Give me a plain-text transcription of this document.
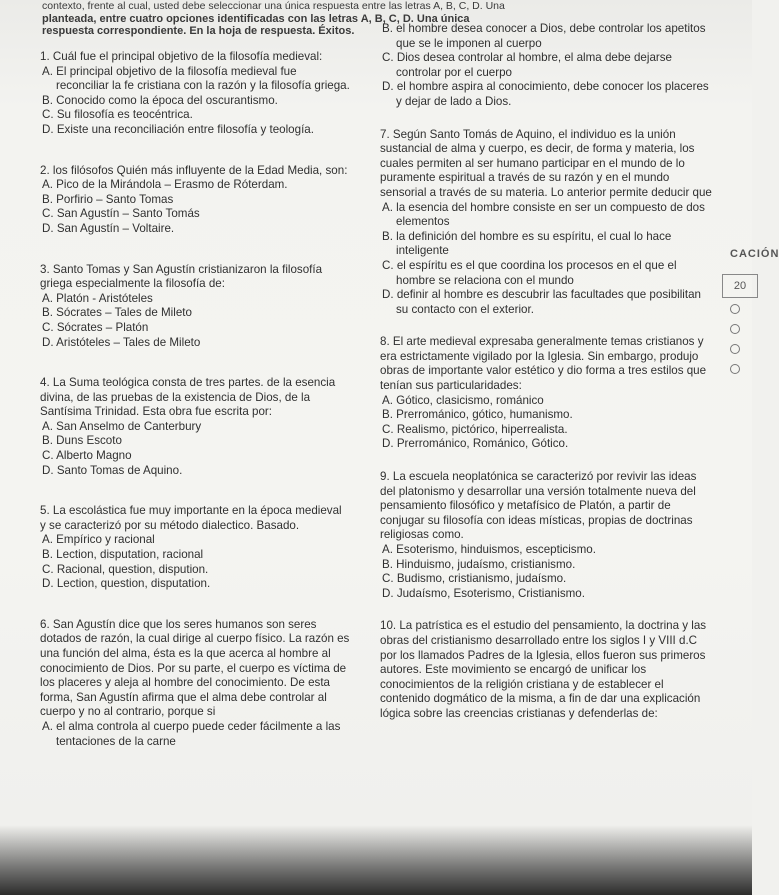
contexto, frente al cual, usted debe seleccionar una única respuesta entre las letras A, B, C, D. Una
planteada, entre cuatro opciones identificadas con las letras A, B, C, D. Una única
respuesta correspondiente. En la hoja de respuesta. Éxitos.

1. Cuál fue el principal objetivo de la filosofía medieval:

A. El principal objetivo de la filosofía medieval fue reconciliar la fe cristiana con la razón y la filosofía griega.

B. Conocido como la época del oscurantismo.

C. Su filosofía es teocéntrica.

D. Existe una reconciliación entre filosofía y teología.

2. los filósofos Quién más influyente de la Edad Media, son:

A. Pico de la Mirándola – Erasmo de Róterdam.

B. Porfirio – Santo Tomas

C. San Agustín – Santo Tomás

D. San Agustín – Voltaire.

3. Santo Tomas y San Agustín cristianizaron la filosofía griega especialmente la filosofía de:

A. Platón - Aristóteles

B. Sócrates – Tales de Mileto

C. Sócrates – Platón

D. Aristóteles – Tales de Mileto

4. La Suma teológica consta de tres partes. de la esencia divina, de las pruebas de la existencia de Dios, de la Santísima Trinidad. Esta obra fue escrita por:

A. San Anselmo de Canterbury

B. Duns Escoto

C. Alberto Magno

D. Santo Tomas de Aquino.

5. La escolástica fue muy importante en la época medieval y se caracterizó por su método dialectico. Basado.

A. Empírico y racional

B. Lection, disputation, racional

C. Racional, question, dispution.

D. Lection, question, disputation.

6. San Agustín dice que los seres humanos son seres dotados de razón, la cual dirige al cuerpo físico. La razón es una función del alma, ésta es la que acerca al hombre al conocimiento de Dios. Por su parte, el cuerpo es víctima de los placeres y aleja al hombre del conocimiento. De esta forma, San Agustín afirma que el alma debe controlar al cuerpo y no al contrario, porque si

A. el alma controla al cuerpo puede ceder fácilmente a las tentaciones de la carne

B. el hombre desea conocer a Dios, debe controlar los apetitos que se le imponen al cuerpo

C. Dios desea controlar al hombre, el alma debe dejarse controlar por el cuerpo

D. el hombre aspira al conocimiento, debe conocer los placeres y dejar de lado a Dios.

7. Según Santo Tomás de Aquino, el individuo es la unión sustancial de alma y cuerpo, es decir, de forma y materia, los cuales permiten al ser humano participar en el mundo de lo puramente espiritual a través de su razón y en el mundo sensorial a través de su materia. Lo anterior permite deducir que

A. la esencia del hombre consiste en ser un compuesto de dos elementos

B. la definición del hombre es su espíritu, el cual lo hace inteligente

C. el espíritu es el que coordina los procesos en el que el hombre se relaciona con el mundo

D. definir al hombre es descubrir las facultades que posibilitan su contacto con el exterior.

8. El arte medieval expresaba generalmente temas cristianos y era estrictamente vigilado por la Iglesia. Sin embargo, produjo obras de importante valor estético y dio forma a tres estilos que tenían sus particularidades:

A. Gótico, clasicismo, románico

B. Prerrománico, gótico, humanismo.

C. Realismo, pictórico, hiperrealista.

D. Prerrománico, Románico, Gótico.

9. La escuela neoplatónica se caracterizó por revivir las ideas del platonismo y desarrollar una versión totalmente nueva del pensamiento filosófico y metafísico de Platón, a partir de conjugar su filosofía con ideas místicas, propias de doctrinas religiosas como.

A. Esoterismo, hinduismos, escepticismo.

B. Hinduismo, judaísmo, cristianismo.

C. Budismo, cristianismo, judaísmo.

D. Judaísmo, Esoterismo, Cristianismo.

10. La patrística es el estudio del pensamiento, la doctrina y las obras del cristianismo desarrollado entre los siglos I y VIII d.C por los llamados Padres de la Iglesia, ellos fueron sus primeros autores. Este movimiento se encargó de unificar los conocimientos de la religión cristiana y de establecer el contenido dogmático de la misma, a fin de dar una explicación lógica sobre las creencias cristianas y defenderlas de:

CACIÓN
20
